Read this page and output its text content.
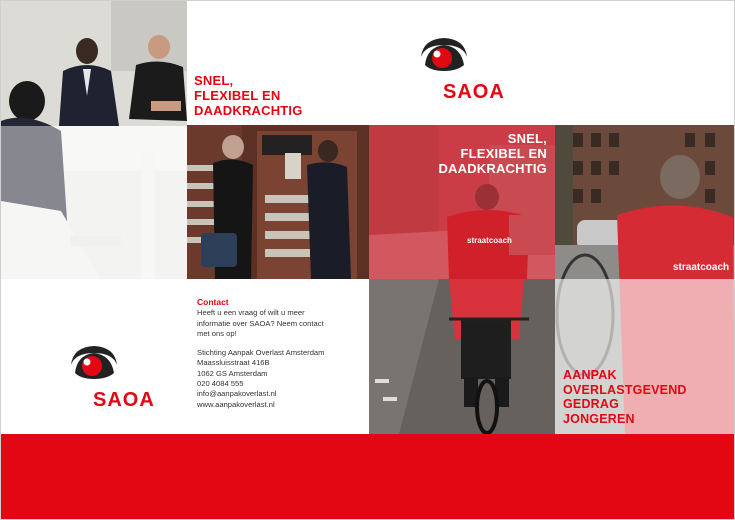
SNEL,
FLEXIBEL EN
DAADKRACHTIG
SAOA
straatcoach
SNEL,
FLEXIBEL EN
DAADKRACHTIG
straatcoach
AANPAK
OVERLASTGEVEND
GEDRAG
JONGEREN
SAOA
Contact
Heeft u een vraag of wilt u meer
informatie over SAOA? Neem contact
met ons op!
Stichting Aanpak Overlast Amsterdam
Maassluisstraat 416B
1062 GS Amsterdam
020 4084 555
info@aanpakoverlast.nl
www.aanpakoverlast.nl
